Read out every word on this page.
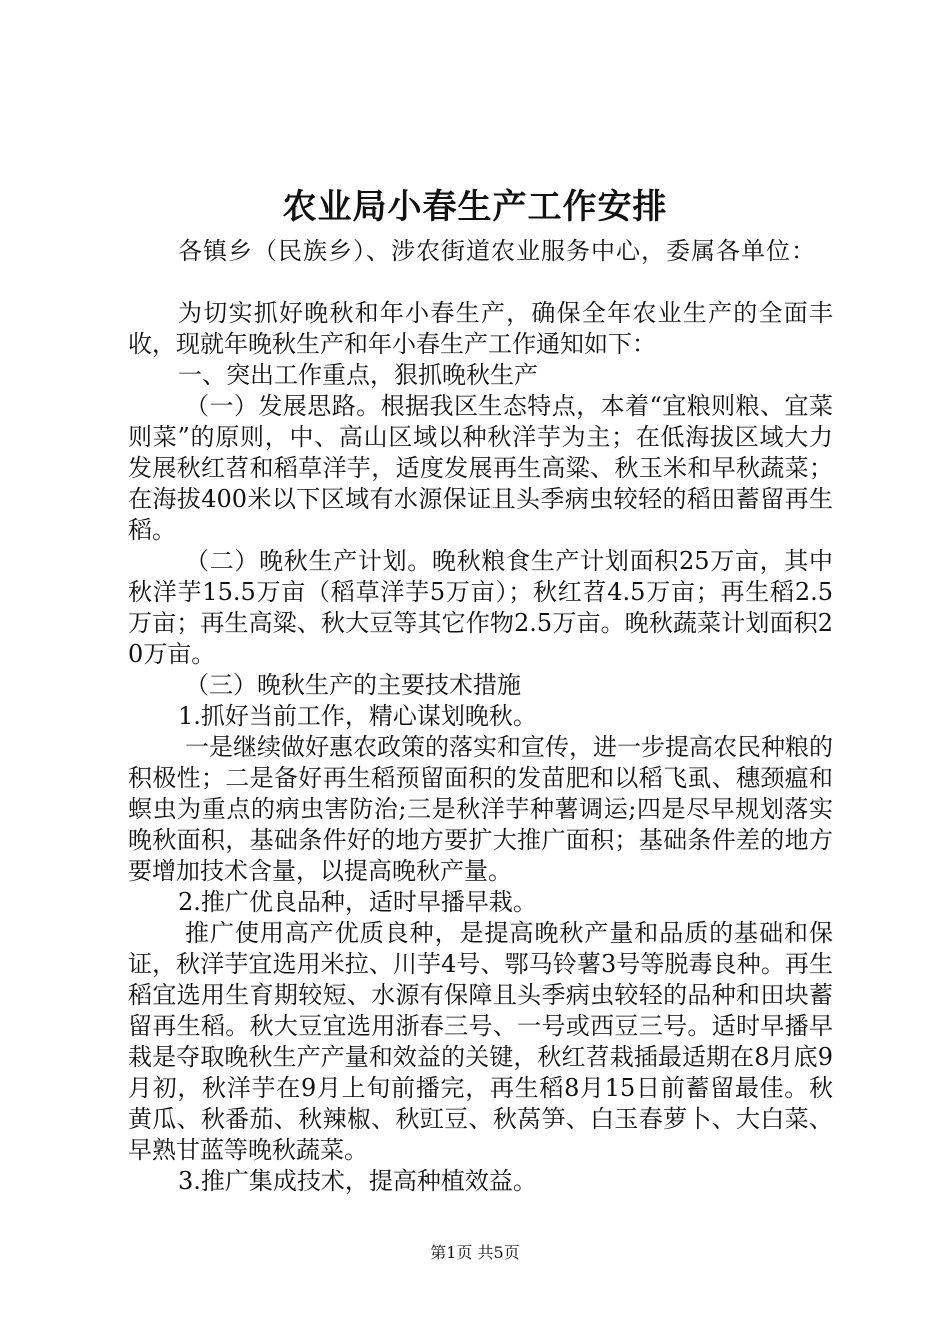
农业局小春生产工作安排

各镇乡（民族乡）、涉农街道农业服务中心，委属各单位：

为切实抓好晚秋和年小春生产，确保全年农业生产的全面丰收，现就年晚秋生产和年小春生产工作通知如下：

一、突出工作重点，狠抓晚秋生产

（一）发展思路。根据我区生态特点，本着“宜粮则粮、宜菜则菜”的原则，中、高山区域以种秋洋芋为主；在低海拔区域大力发展秋红苕和稻草洋芋，适度发展再生高粱、秋玉米和早秋蔬菜；在海拔400米以下区域有水源保证且头季病虫较轻的稻田蓄留再生稻。

（二）晚秋生产计划。晚秋粮食生产计划面积25万亩，其中秋洋芋15.5万亩（稻草洋芋5万亩）；秋红苕4.5万亩；再生稻2.5万亩；再生高粱、秋大豆等其它作物2.5万亩。晚秋蔬菜计划面积20万亩。

（三）晚秋生产的主要技术措施

1.抓好当前工作，精心谋划晚秋。

一是继续做好惠农政策的落实和宣传，进一步提高农民种粮的积极性；二是备好再生稻预留面积的发苗肥和以稻飞虱、穗颈瘟和螟虫为重点的病虫害防治;三是秋洋芋种薯调运;四是尽早规划落实晚秋面积，基础条件好的地方要扩大推广面积；基础条件差的地方要增加技术含量，以提高晚秋产量。

2.推广优良品种，适时早播早栽。

推广使用高产优质良种，是提高晚秋产量和品质的基础和保证，秋洋芋宜选用米拉、川芋4号、鄂马铃薯3号等脱毒良种。再生稻宜选用生育期较短、水源有保障且头季病虫较轻的品种和田块蓄留再生稻。秋大豆宜选用浙春三号、一号或西豆三号。适时早播早栽是夺取晚秋生产产量和效益的关键，秋红苕栽插最适期在8月底9月初，秋洋芋在9月上旬前播完，再生稻8月15日前蓄留最佳。秋黄瓜、秋番茄、秋辣椒、秋豇豆、秋莴笋、白玉春萝卜、大白菜、早熟甘蓝等晚秋蔬菜。

3.推广集成技术，提高种植效益。

第1页 共5页
